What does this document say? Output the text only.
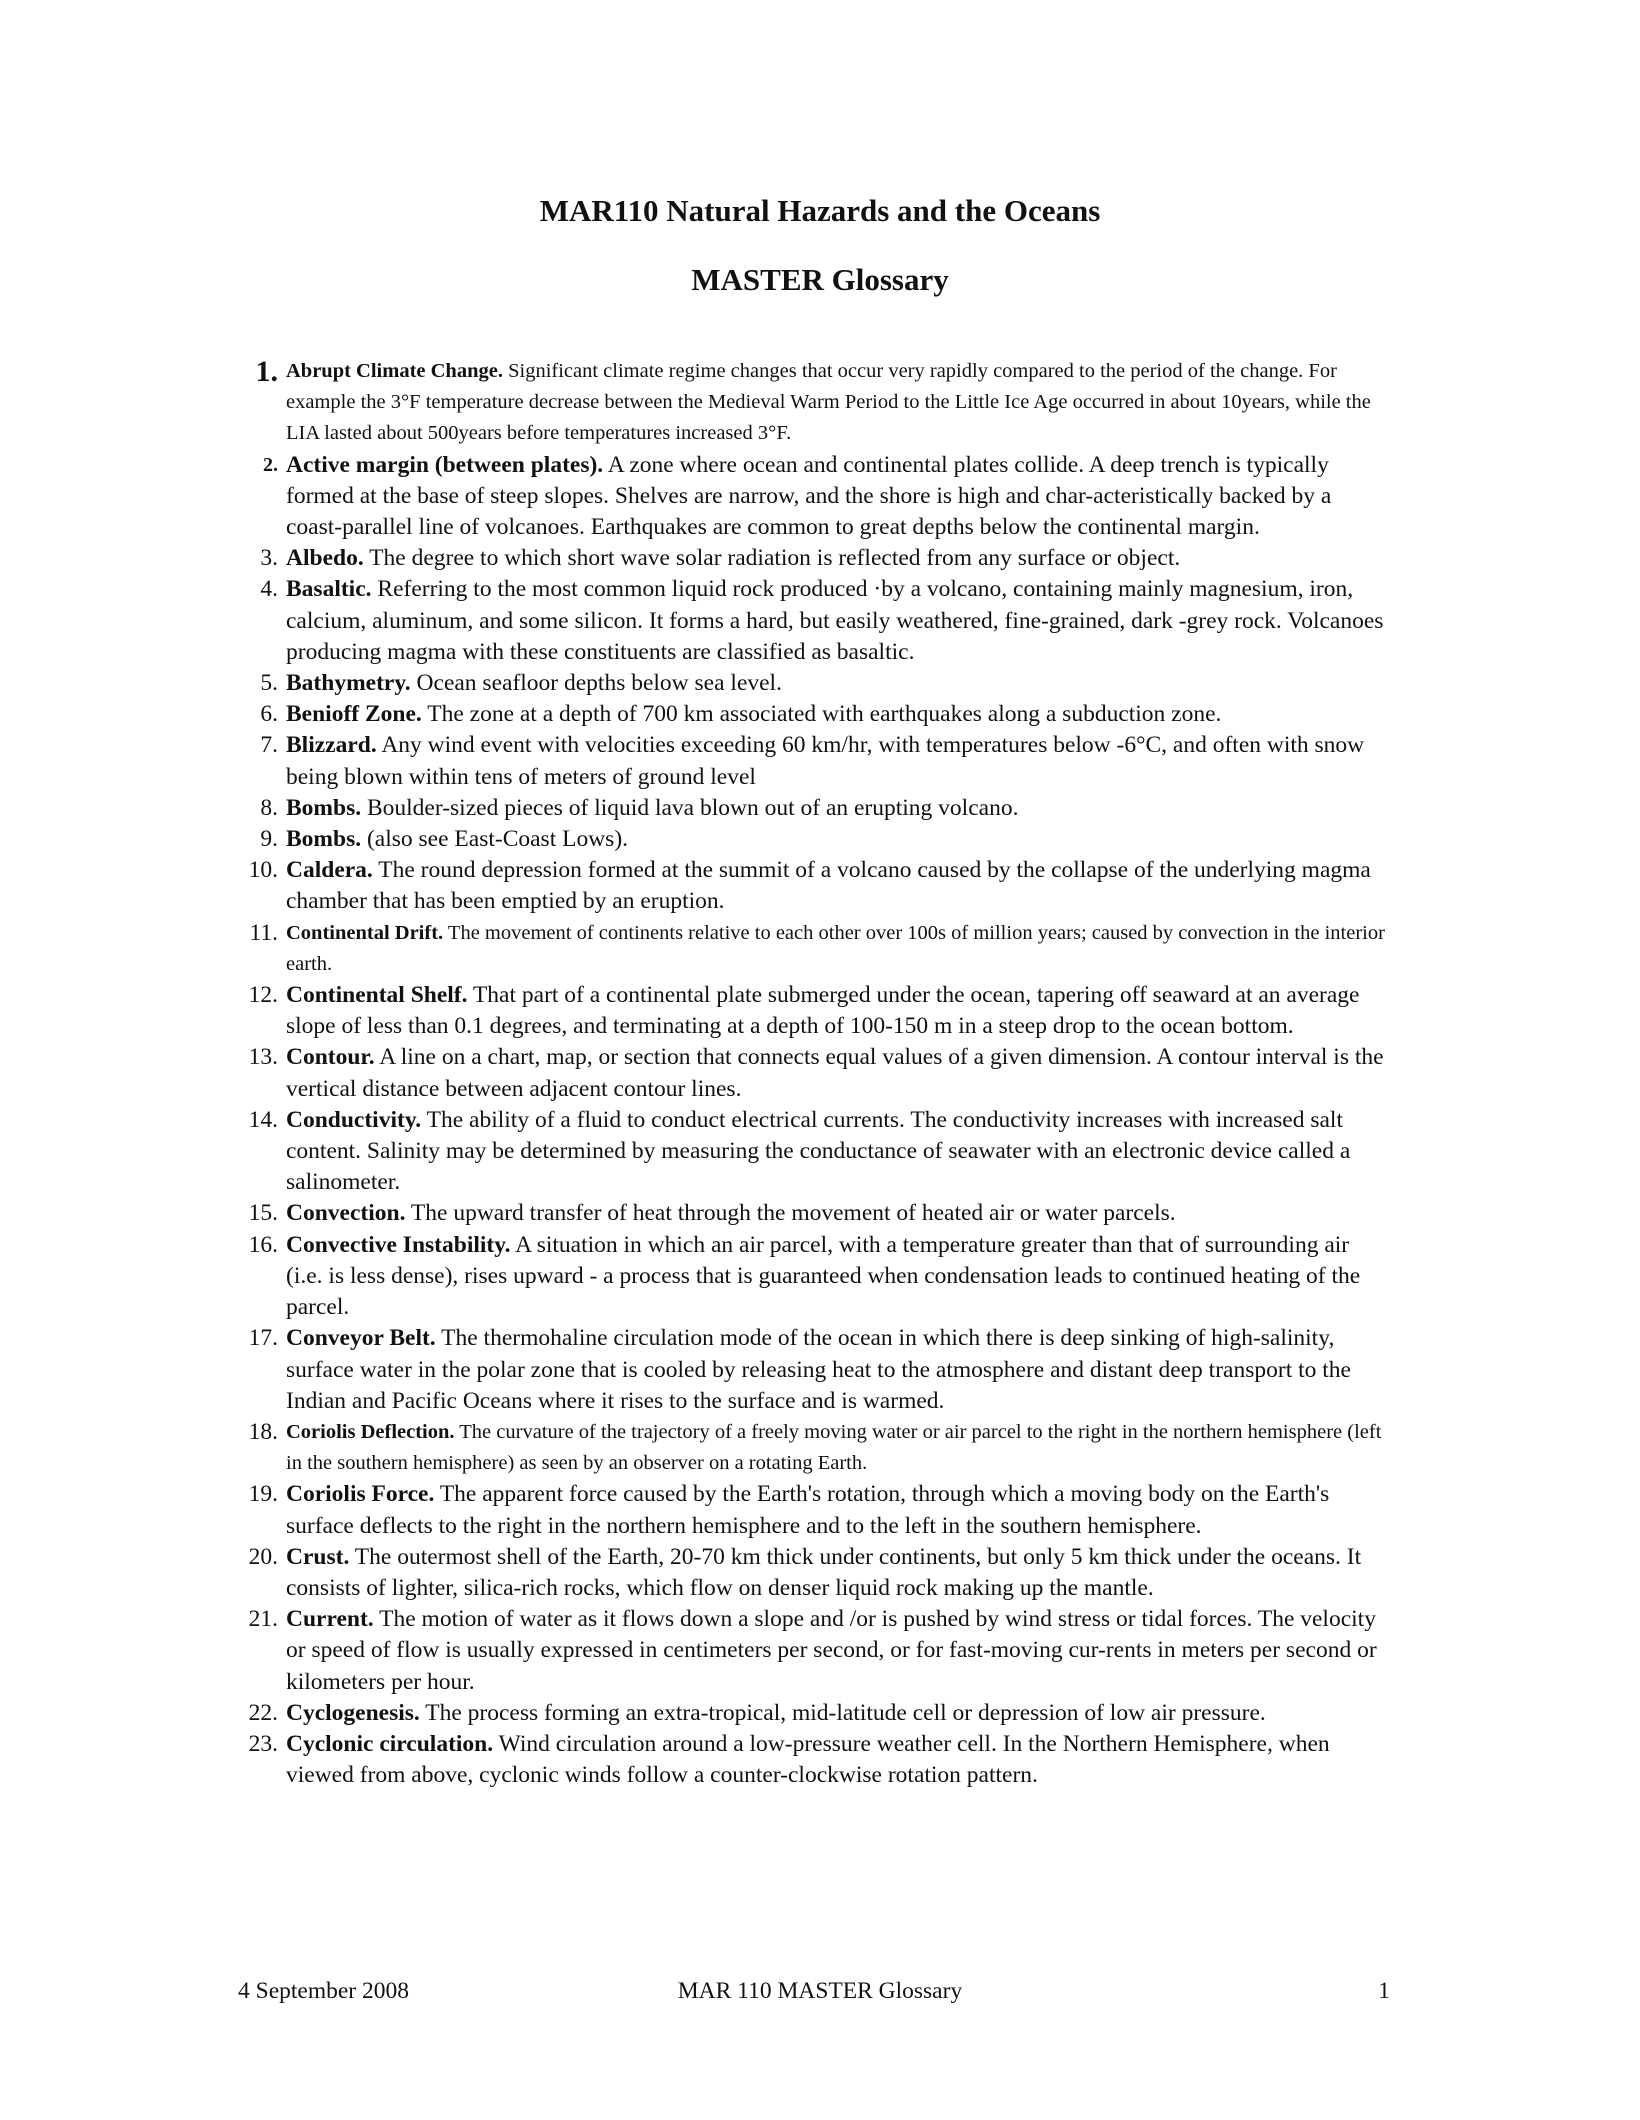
MAR110 Natural Hazards and the Oceans
MASTER Glossary
1. Abrupt Climate Change. Significant climate regime changes that occur very rapidly compared to the period of the change. For example the 3°F temperature decrease between the Medieval Warm Period to the Little Ice Age occurred in about 10years, while the LIA lasted about 500years before temperatures increased 3°F.
2. Active margin (between plates). A zone where ocean and continental plates collide. A deep trench is typically formed at the base of steep slopes. Shelves are narrow, and the shore is high and char-acteristically backed by a coast-parallel line of volcanoes. Earthquakes are common to great depths below the continental margin.
3. Albedo. The degree to which short wave solar radiation is reflected from any surface or object.
4. Basaltic. Referring to the most common liquid rock produced ·by a volcano, containing mainly magnesium, iron, calcium, aluminum, and some silicon. It forms a hard, but easily weathered, fine-grained, dark -grey rock. Volcanoes producing magma with these constituents are classified as basaltic.
5. Bathymetry. Ocean seafloor depths below sea level.
6. Benioff Zone. The zone at a depth of 700 km associated with earthquakes along a subduction zone.
7. Blizzard. Any wind event with velocities exceeding 60 km/hr, with temperatures below -6°C, and often with snow being blown within tens of meters of ground level
8. Bombs. Boulder-sized pieces of liquid lava blown out of an erupting volcano.
9. Bombs. (also see East-Coast Lows).
10. Caldera. The round depression formed at the summit of a volcano caused by the collapse of the underlying magma chamber that has been emptied by an eruption.
11. Continental Drift. The movement of continents relative to each other over 100s of million years; caused by convection in the interior earth.
12. Continental Shelf. That part of a continental plate submerged under the ocean, tapering off seaward at an average slope of less than 0.1 degrees, and terminating at a depth of 100-150 m in a steep drop to the ocean bottom.
13. Contour. A line on a chart, map, or section that connects equal values of a given dimension. A contour interval is the vertical distance between adjacent contour lines.
14. Conductivity. The ability of a fluid to conduct electrical currents. The conductivity increases with increased salt content. Salinity may be determined by measuring the conductance of seawater with an electronic device called a salinometer.
15. Convection. The upward transfer of heat through the movement of heated air or water parcels.
16. Convective Instability. A situation in which an air parcel, with a temperature greater than that of surrounding air (i.e. is less dense), rises upward - a process that is guaranteed when condensation leads to continued heating of the parcel.
17. Conveyor Belt. The thermohaline circulation mode of the ocean in which there is deep sinking of high-salinity, surface water in the polar zone that is cooled by releasing heat to the atmosphere and distant deep transport to the Indian and Pacific Oceans where it rises to the surface and is warmed.
18. Coriolis Deflection. The curvature of the trajectory of a freely moving water or air parcel to the right in the northern hemisphere (left in the southern hemisphere) as seen by an observer on a rotating Earth.
19. Coriolis Force. The apparent force caused by the Earth's rotation, through which a moving body on the Earth's surface deflects to the right in the northern hemisphere and to the left in the southern hemisphere.
20. Crust. The outermost shell of the Earth, 20-70 km thick under continents, but only 5 km thick under the oceans. It consists of lighter, silica-rich rocks, which flow on denser liquid rock making up the mantle.
21. Current. The motion of water as it flows down a slope and /or is pushed by wind stress or tidal forces. The velocity or speed of flow is usually expressed in centimeters per second, or for fast-moving cur-rents in meters per second or kilometers per hour.
22. Cyclogenesis. The process forming an extra-tropical, mid-latitude cell or depression of low air pressure.
23. Cyclonic circulation. Wind circulation around a low-pressure weather cell. In the Northern Hemisphere, when viewed from above, cyclonic winds follow a counter-clockwise rotation pattern.
4 September 2008	MAR 110 MASTER Glossary	1
